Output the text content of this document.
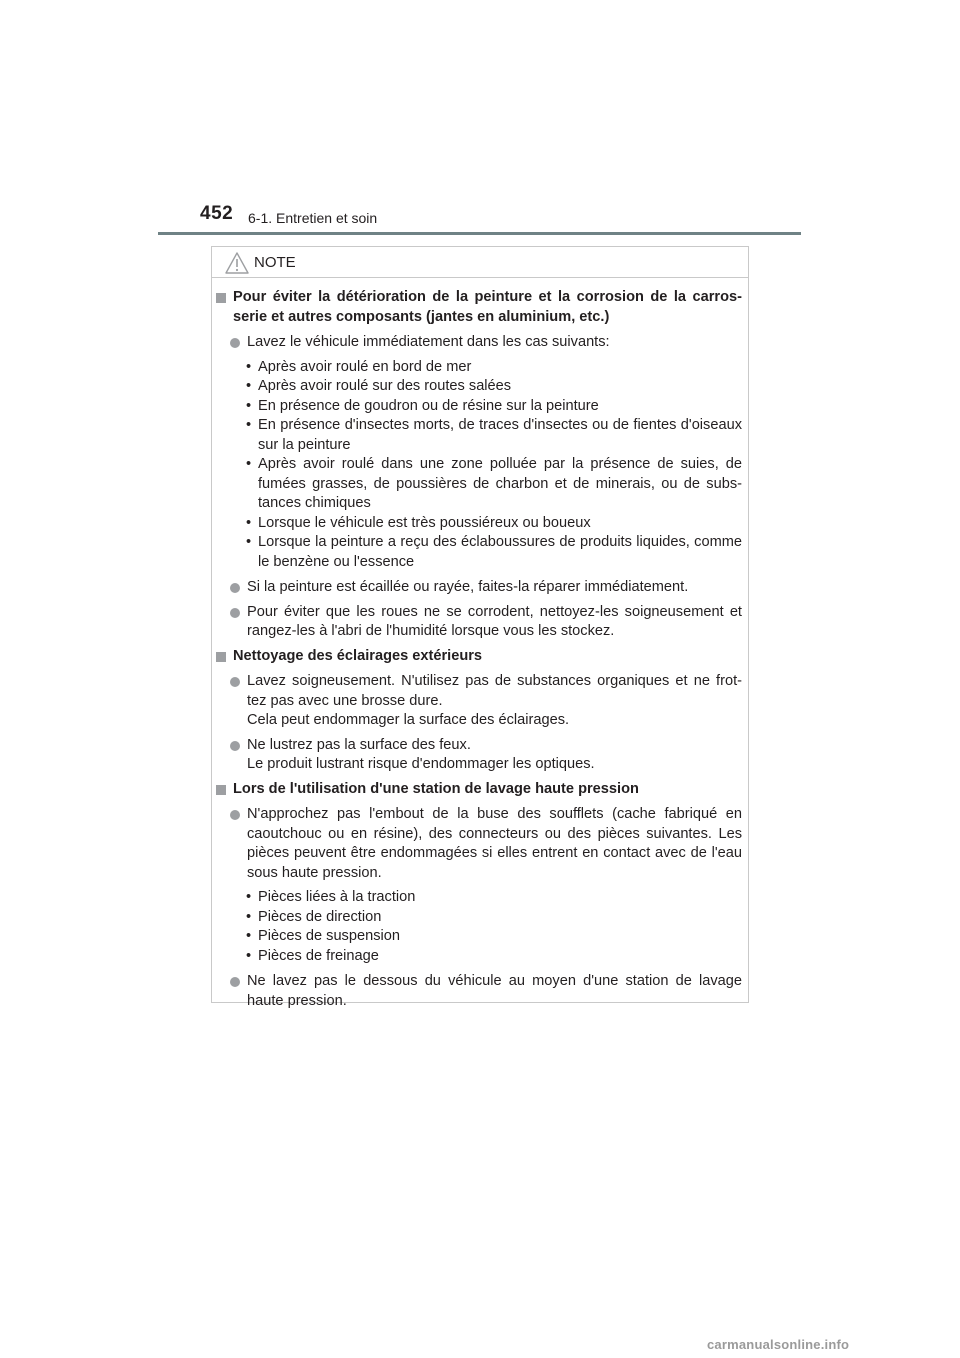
452 6-1. Entretien et soin
NOTE
Pour éviter la détérioration de la peinture et la corrosion de la carros- serie et autres composants (jantes en aluminium, etc.)
Lavez le véhicule immédiatement dans les cas suivants:
• Après avoir roulé en bord de mer
• Après avoir roulé sur des routes salées
• En présence de goudron ou de résine sur la peinture
• En présence d'insectes morts, de traces d'insectes ou de fientes d'oiseaux sur la peinture
• Après avoir roulé dans une zone polluée par la présence de suies, de fumées grasses, de poussières de charbon et de minerais, ou de subs- tances chimiques
• Lorsque le véhicule est très poussiéreux ou boueux
• Lorsque la peinture a reçu des éclaboussures de produits liquides, comme le benzène ou l'essence
Si la peinture est écaillée ou rayée, faites-la réparer immédiatement.
Pour éviter que les roues ne se corrodent, nettoyez-les soigneusement et rangez-les à l'abri de l'humidité lorsque vous les stockez.
Nettoyage des éclairages extérieurs
Lavez soigneusement. N'utilisez pas de substances organiques et ne frot- tez pas avec une brosse dure.
Cela peut endommager la surface des éclairages.
Ne lustrez pas la surface des feux.
Le produit lustrant risque d'endommager les optiques.
Lors de l'utilisation d'une station de lavage haute pression
N'approchez pas l'embout de la buse des soufflets (cache fabriqué en caoutchouc ou en résine), des connecteurs ou des pièces suivantes. Les pièces peuvent être endommagées si elles entrent en contact avec de l'eau sous haute pression.
• Pièces liées à la traction
• Pièces de direction
• Pièces de suspension
• Pièces de freinage
Ne lavez pas le dessous du véhicule au moyen d'une station de lavage haute pression.
carmanualsonline.info
